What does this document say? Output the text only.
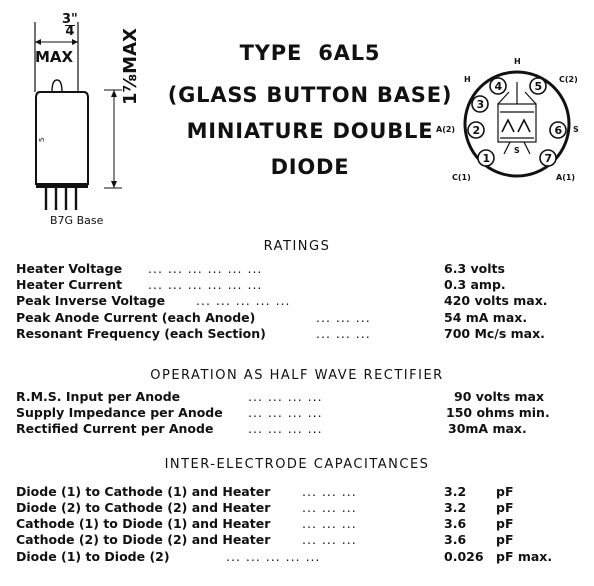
5
3"
4
MAX	1⅞MAX
B7G Base
TYPE 6AL5
(GLASS BUTTON BASE)
MINIATURE DOUBLE
DIODE
S
4	5
3
2	6
1	7
H
H	C(2)
A(2)	S
C(1)	A(1)
RATINGS
Heater Voltage ... ... ... ... ... ...	6.3 volts
Heater Current ... ... ... ... ... ...	0.3 amp.
Peak Inverse Voltage ... ... ... ... ...	420 volts max.
Peak Anode Current (each Anode)	... ... ...	54 mA max.
Resonant Frequency (each Section)	... ... ...	700 Mc/s max.
OPERATION AS HALF WAVE RECTIFIER
R.M.S. Input per Anode	... ... ... ...	90 volts max
Supply Impedance per Anode ... ... ... ...	150 ohms min.
Rectified Current per Anode	... ... ... ...	30mA max.
INTER-ELECTRODE CAPACITANCES
Diode (1) to Cathode (1) and Heater	... ... ...	3.2 pF
Diode (2) to Cathode (2) and Heater	... ... ...	3.2 pF
Cathode (1) to Diode (1) and Heater	... ... ...	3.6 pF
Cathode (2) to Diode (2) and Heater	... ... ...	3.6 pF
Diode (1) to Diode (2)	... ... ... ... ...	0.026 pF max.
